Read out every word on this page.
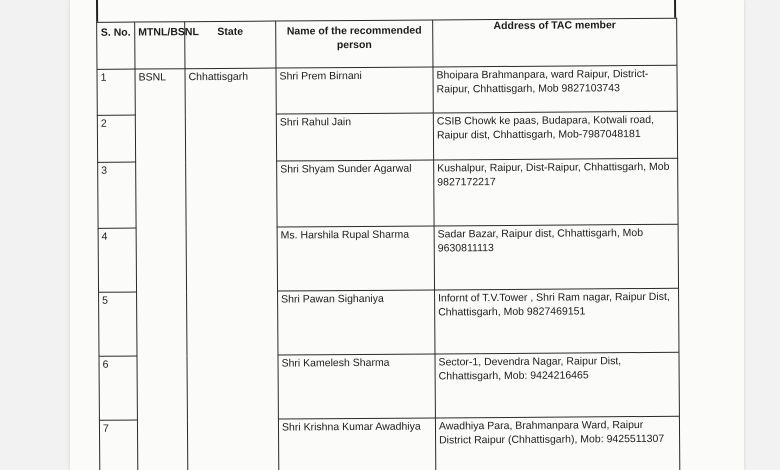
S. No.	MTNL/BSNL	State	Name of the recommended person	Address of TAC member
1	BSNL	Chhattisgarh	Shri Prem Birnani	Bhoipara Brahmanpara, ward Raipur, District-Raipur, Chhattisgarh, Mob 9827103743
2			Shri Rahul Jain	CSIB Chowk ke paas, Budapara, Kotwali road, Raipur dist, Chhattisgarh, Mob-7987048181
3			Shri Shyam Sunder Agarwal	Kushalpur, Raipur, Dist-Raipur, Chhattisgarh, Mob 9827172217
4			Ms. Harshila Rupal Sharma	Sadar Bazar, Raipur dist, Chhattisgarh, Mob 9630811113
5			Shri Pawan Sighaniya	Infornt of T.V.Tower , Shri Ram nagar, Raipur Dist, Chhattisgarh, Mob 9827469151
6			Shri Kamelesh Sharma	Sector-1, Devendra Nagar, Raipur Dist, Chhattisgarh, Mob: 9424216465
7			Shri Krishna Kumar Awadhiya	Awadhiya Para, Brahmanpara Ward, Raipur District Raipur (Chhattisgarh), Mob: 9425511307
